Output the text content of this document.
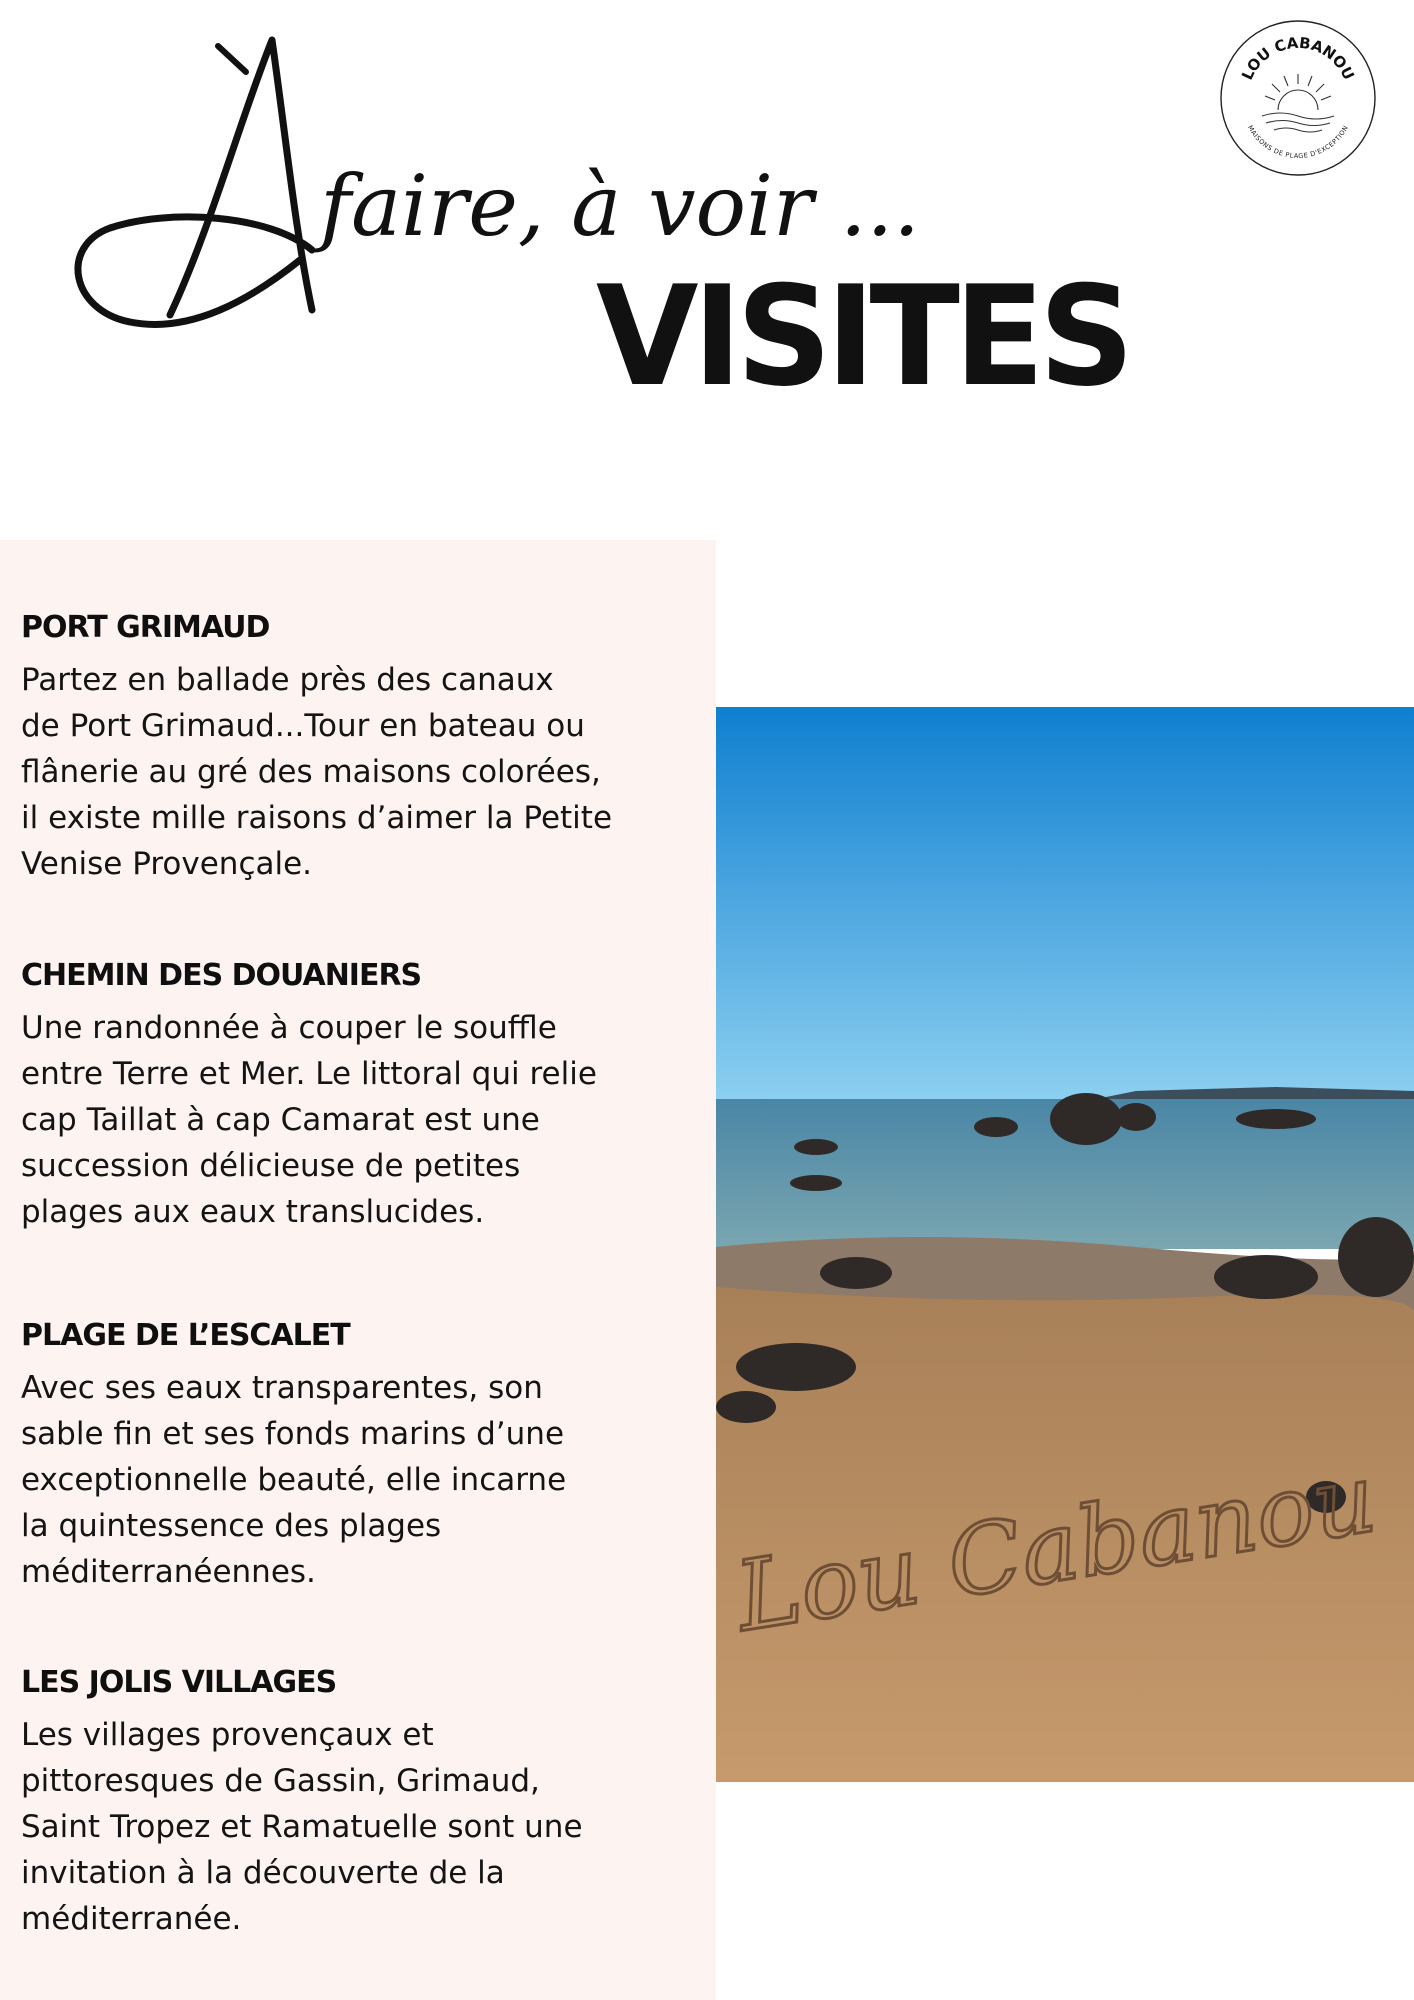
faire, à voir ...
VISITES
LOU CABANOU
MAISONS DE PLAGE D'EXCEPTION
PORT GRIMAUD

Partez en ballade près des canaux
de Port Grimaud...Tour en bateau ou
flânerie au gré des maisons colorées,
il existe mille raisons d’aimer la Petite
Venise Provençale.

CHEMIN DES DOUANIERS

Une randonnée à couper le souffle
entre Terre et Mer. Le littoral qui relie
cap Taillat à cap Camarat est une
succession délicieuse de petites
plages aux eaux translucides.

PLAGE DE L’ESCALET

Avec ses eaux transparentes, son
sable fin et ses fonds marins d’une
exceptionnelle beauté, elle incarne
la quintessence des plages
méditerranéennes.

LES JOLIS VILLAGES

Les villages provençaux et
pittoresques de Gassin, Grimaud,
Saint Tropez et Ramatuelle sont une
invitation à la découverte de la
méditerranée.

Lou Cabanou
